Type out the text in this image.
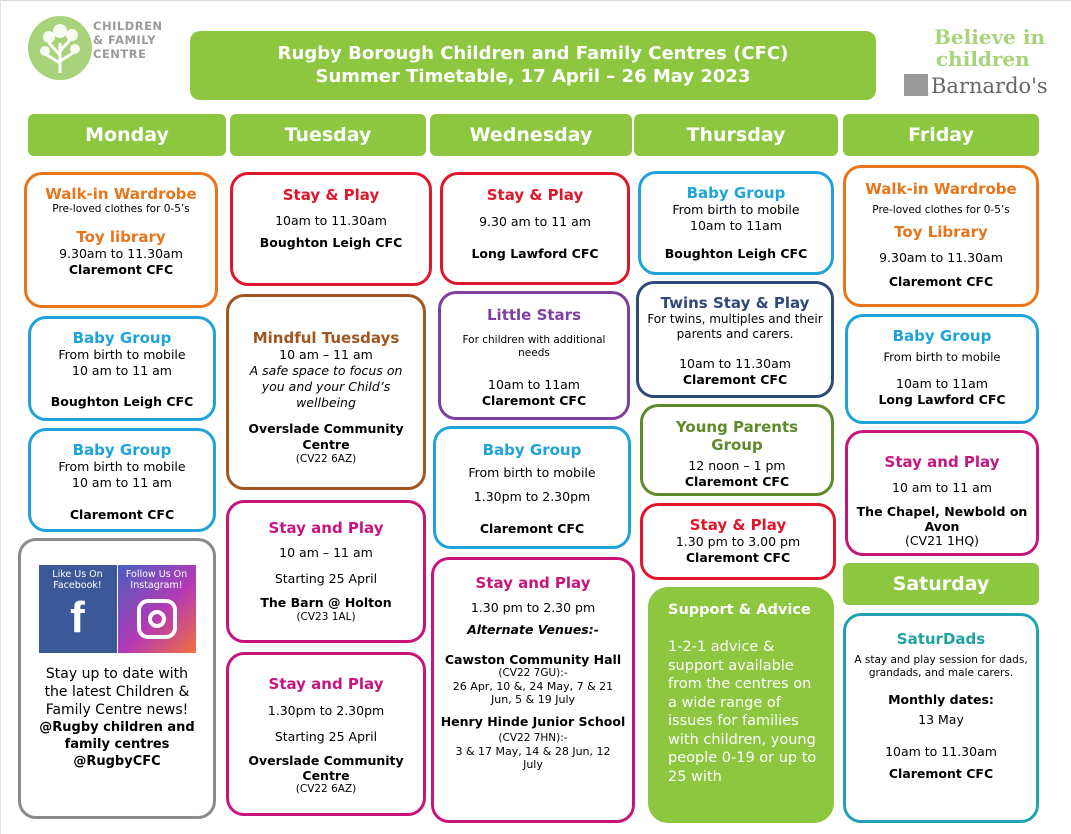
CHILDREN
& FAMILY
CENTRE
Believe in
children
Barnardo's
Rugby Borough Children and Family Centres (CFC)
Summer Timetable, 17 April – 26 May 2023
Monday	Tuesday	Wednesday	Thursday	Friday
Saturday
Walk-in Wardrobe
Pre-loved clothes for 0-5’s
Toy library
9.30am to 11.30am
Claremont CFC
Baby Group
From birth to mobile
10 am to 11 am
Boughton Leigh CFC
Baby Group
From birth to mobile
10 am to 11 am
Claremont CFC
Like Us On Facebook!
f
Follow Us On Instagram!
Stay up to date with the latest Children & Family Centre news!
@Rugby children and family centres
@RugbyCFC
Stay & Play
10am to 11.30am
Boughton Leigh CFC
Mindful Tuesdays
10 am – 11 am
A safe space to focus on you and your Child’s wellbeing
Overslade Community Centre
(CV22 6AZ)
Stay and Play
10 am – 11 am
Starting 25 April
The Barn @ Holton
(CV23 1AL)
Stay and Play
1.30pm to 2.30pm
Starting 25 April
Overslade Community Centre
(CV22 6AZ)
Stay & Play
9.30 am to 11 am
Long Lawford CFC
Little Stars
For children with additional needs
10am to 11am
Claremont CFC
Baby Group
From birth to mobile
1.30pm to 2.30pm
Claremont CFC
Stay and Play
1.30 pm to 2.30 pm
Alternate Venues:-
Cawston Community Hall
(CV22 7GU):-
26 Apr, 10 &, 24 May, 7 & 21 Jun, 5 & 19 July
Henry Hinde Junior School (CV22 7HN):-
3 & 17 May, 14 & 28 Jun, 12 July
Baby Group
From birth to mobile
10am to 11am
Boughton Leigh CFC
Twins Stay & Play
For twins, multiples and their parents and carers.
10am to 11.30am
Claremont CFC
Young Parents Group
12 noon – 1 pm
Claremont CFC
Stay & Play
1.30 pm to 3.00 pm
Claremont CFC
Support & Advice
1-2-1 advice & support available from the centres on a wide range of issues for families with children, young people 0-19 or up to 25 with
Walk-in Wardrobe
Pre-loved clothes for 0-5’s
Toy Library
9.30am to 11.30am
Claremont CFC
Baby Group
From birth to mobile
10am to 11am
Long Lawford CFC
Stay and Play
10 am to 11 am
The Chapel, Newbold on Avon
(CV21 1HQ)
SaturDads
A stay and play session for dads, grandads, and male carers.
Monthly dates:
13 May
10am to 11.30am
Claremont CFC
